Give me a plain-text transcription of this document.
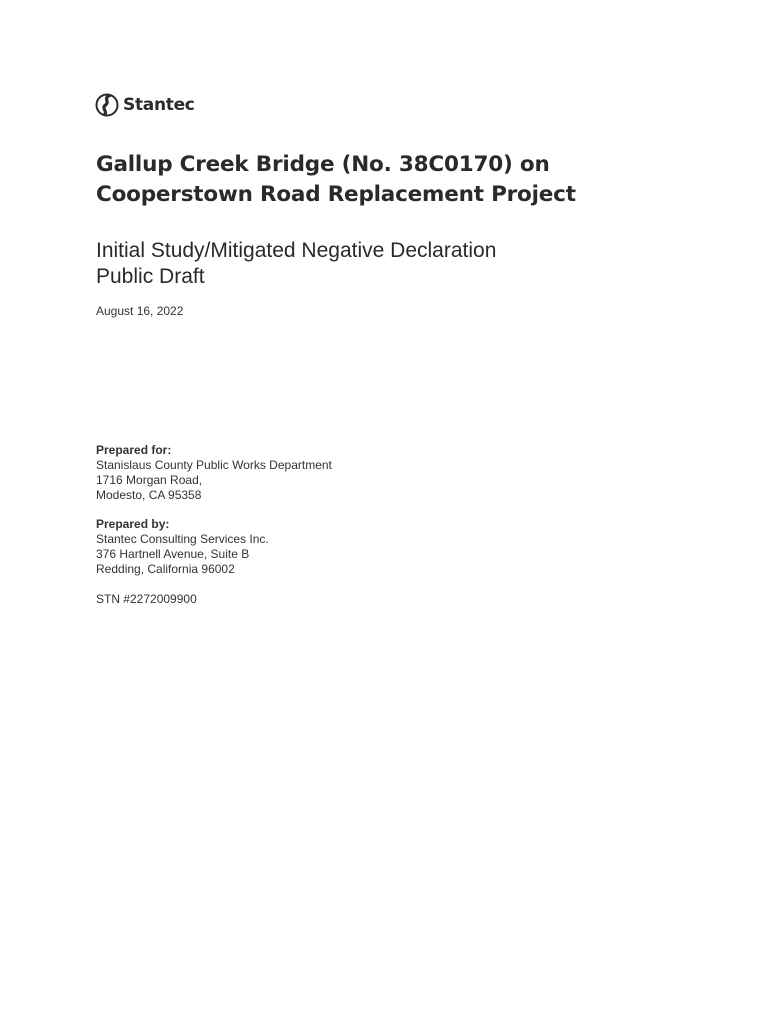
Stantec
Gallup Creek Bridge (No. 38C0170) on
Cooperstown Road Replacement Project
Initial Study/Mitigated Negative Declaration
Public Draft
August 16, 2022
Prepared for:
Stanislaus County Public Works Department
1716 Morgan Road,
Modesto, CA 95358
Prepared by:
Stantec Consulting Services Inc.
376 Hartnell Avenue, Suite B
Redding, California 96002
STN #2272009900
